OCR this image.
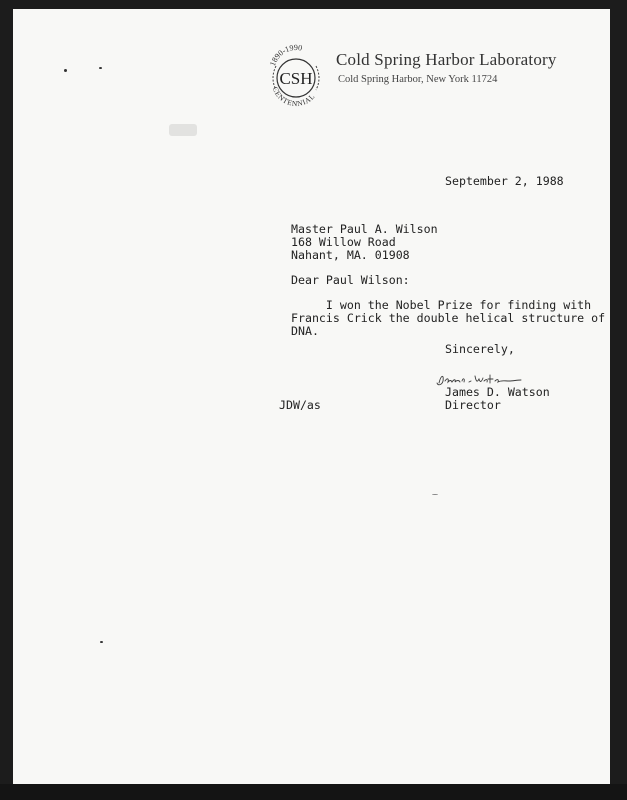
1890-1990
CSH
CENTENNIAL
Cold Spring Harbor Laboratory
Cold Spring Harbor, New York 11724
September 2, 1988
Master Paul A. Wilson
168 Willow Road
Nahant, MA. 01908
Dear Paul Wilson:
I won the Nobel Prize for finding with
Francis Crick the double helical structure of
DNA.
Sincerely,
James D. Watson
Director
JDW/as
